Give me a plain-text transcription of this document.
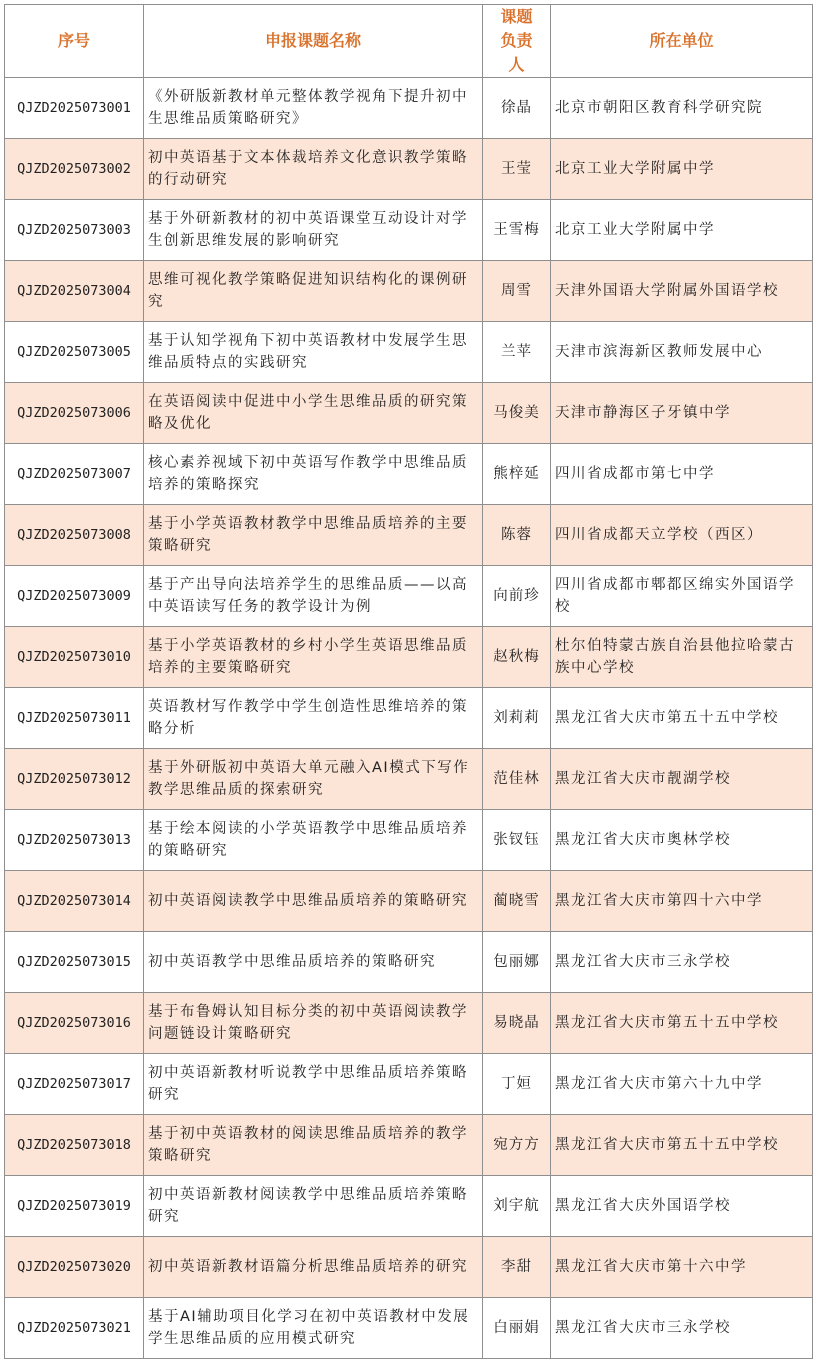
序号	申报课题名称	课题负责人	所在单位

QJZD2025073001	《外研版新教材单元整体教学视角下提升初中生思维品质策略研究》	徐晶	北京市朝阳区教育科学研究院

QJZD2025073002	初中英语基于文本体裁培养文化意识教学策略的行动研究	王莹	北京工业大学附属中学

QJZD2025073003	基于外研新教材的初中英语课堂互动设计对学生创新思维发展的影响研究	王雪梅	北京工业大学附属中学

QJZD2025073004	思维可视化教学策略促进知识结构化的课例研究	周雪	天津外国语大学附属外国语学校

QJZD2025073005	基于认知学视角下初中英语教材中发展学生思维品质特点的实践研究	兰苹	天津市滨海新区教师发展中心

QJZD2025073006	在英语阅读中促进中小学生思维品质的研究策略及优化	马俊美	天津市静海区子牙镇中学

QJZD2025073007	核心素养视域下初中英语写作教学中思维品质培养的策略探究	熊梓延	四川省成都市第七中学

QJZD2025073008	基于小学英语教材教学中思维品质培养的主要策略研究	陈蓉	四川省成都天立学校（西区）

QJZD2025073009	基于产出导向法培养学生的思维品质——以高中英语读写任务的教学设计为例	向前珍	四川省成都市郫都区绵实外国语学校

QJZD2025073010	基于小学英语教材的乡村小学生英语思维品质培养的主要策略研究	赵秋梅	杜尔伯特蒙古族自治县他拉哈蒙古族中心学校

QJZD2025073011	英语教材写作教学中学生创造性思维培养的策略分析	刘莉莉	黑龙江省大庆市第五十五中学校

QJZD2025073012	基于外研版初中英语大单元融入AI模式下写作教学思维品质的探索研究	范佳林	黑龙江省大庆市靓湖学校

QJZD2025073013	基于绘本阅读的小学英语教学中思维品质培养的策略研究	张钗钰	黑龙江省大庆市奥林学校

QJZD2025073014	初中英语阅读教学中思维品质培养的策略研究	蔺晓雪	黑龙江省大庆市第四十六中学

QJZD2025073015	初中英语教学中思维品质培养的策略研究	包丽娜	黑龙江省大庆市三永学校

QJZD2025073016	基于布鲁姆认知目标分类的初中英语阅读教学问题链设计策略研究	易晓晶	黑龙江省大庆市第五十五中学校

QJZD2025073017	初中英语新教材听说教学中思维品质培养策略研究	丁姮	黑龙江省大庆市第六十九中学

QJZD2025073018	基于初中英语教材的阅读思维品质培养的教学策略研究	宛方方	黑龙江省大庆市第五十五中学校

QJZD2025073019	初中英语新教材阅读教学中思维品质培养策略研究	刘宇航	黑龙江省大庆外国语学校

QJZD2025073020	初中英语新教材语篇分析思维品质培养的研究	李甜	黑龙江省大庆市第十六中学

QJZD2025073021	基于AI辅助项目化学习在初中英语教材中发展学生思维品质的应用模式研究	白丽娟	黑龙江省大庆市三永学校
